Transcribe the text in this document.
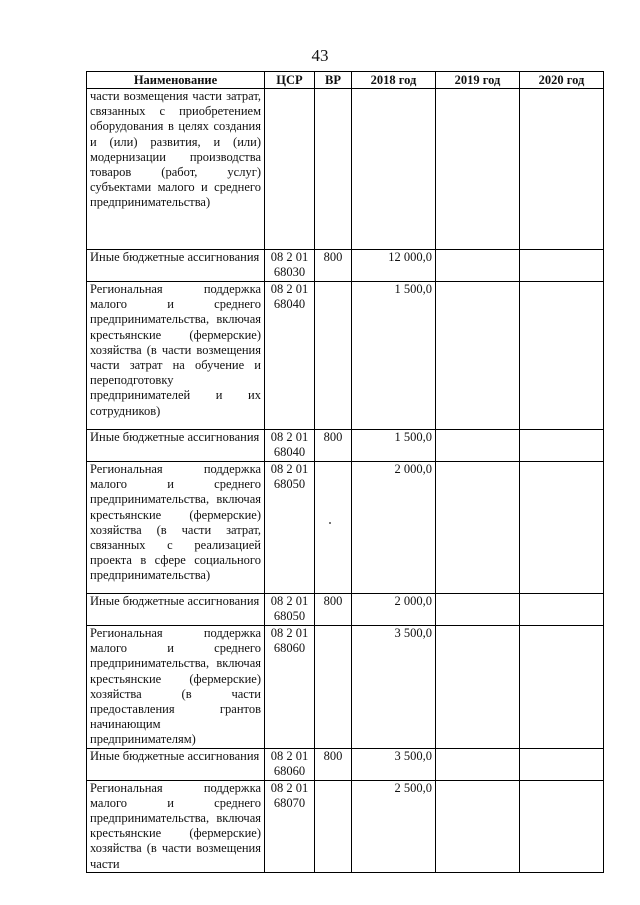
43
Наименование	ЦСР	ВР	2018 год	2019 год	2020 год
части возмещения части затрат, связанных с приобретением оборудования в целях создания и (или) развития, и (или) модернизации производства товаров (работ, услуг) субъектами малого и среднего предпринимательства)					
Иные бюджетные ассигнования	08 2 01 68030	800	12 000,0		
Региональная поддержка малого и среднего предпринимательства, включая крестьянские (фермерские) хозяйства (в части возмещения части затрат на обучение и переподготовку предпринимателей и их сотрудников)	08 2 01 68040		1 500,0		
Иные бюджетные ассигнования	08 2 01 68040	800	1 500,0		
Региональная поддержка малого и среднего предпринимательства, включая крестьянские (фермерские) хозяйства (в части затрат, связанных с реализацией проекта в сфере социального предпринимательства)	08 2 01 68050		2 000,0		
Иные бюджетные ассигнования	08 2 01 68050	800	2 000,0		
Региональная поддержка малого и среднего предпринимательства, включая крестьянские (фермерские) хозяйства (в части предоставления грантов начинающим предпринимателям)	08 2 01 68060		3 500,0		
Иные бюджетные ассигнования	08 2 01 68060	800	3 500,0		
Региональная поддержка малого и среднего предпринимательства, включая крестьянские (фермерские) хозяйства (в части возмещения части	08 2 01 68070		2 500,0		
